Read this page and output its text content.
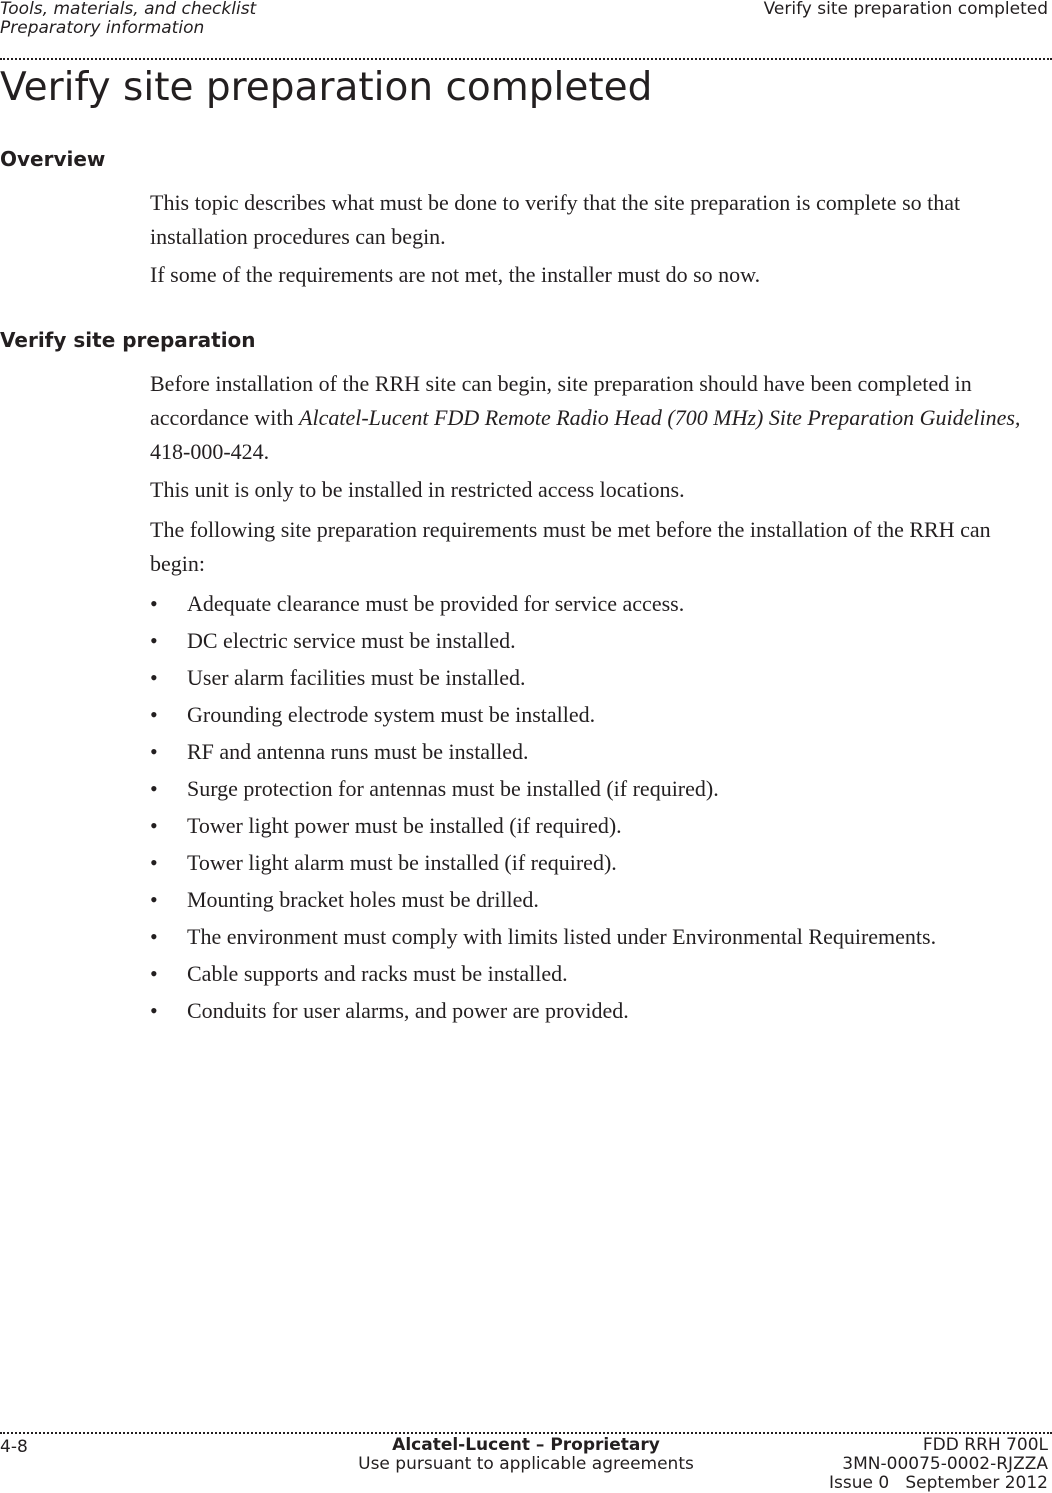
Tools, materials, and checklist
Preparatory information
Verify site preparation completed
Verify site preparation completed
Overview

This topic describes what must be done to verify that the site preparation is complete so that installation procedures can begin.

If some of the requirements are not met, the installer must do so now.

Verify site preparation

Before installation of the RRH site can begin, site preparation should have been completed in accordance with Alcatel-Lucent FDD Remote Radio Head (700 MHz) Site Preparation Guidelines, 418-000-424.

This unit is only to be installed in restricted access locations.

The following site preparation requirements must be met before the installation of the RRH can begin:

• Adequate clearance must be provided for service access.
• DC electric service must be installed.
• User alarm facilities must be installed.
• Grounding electrode system must be installed.
• RF and antenna runs must be installed.
• Surge protection for antennas must be installed (if required).
• Tower light power must be installed (if required).
• Tower light alarm must be installed (if required).
• Mounting bracket holes must be drilled.
• The environment must comply with limits listed under Environmental Requirements.
• Cable supports and racks must be installed.
• Conduits for user alarms, and power are provided.
4-8	Alcatel-Lucent – Proprietary
Use pursuant to applicable agreements
FDD RRH 700L
3MN-00075-0002-RJZZA
Issue 0   September 2012
